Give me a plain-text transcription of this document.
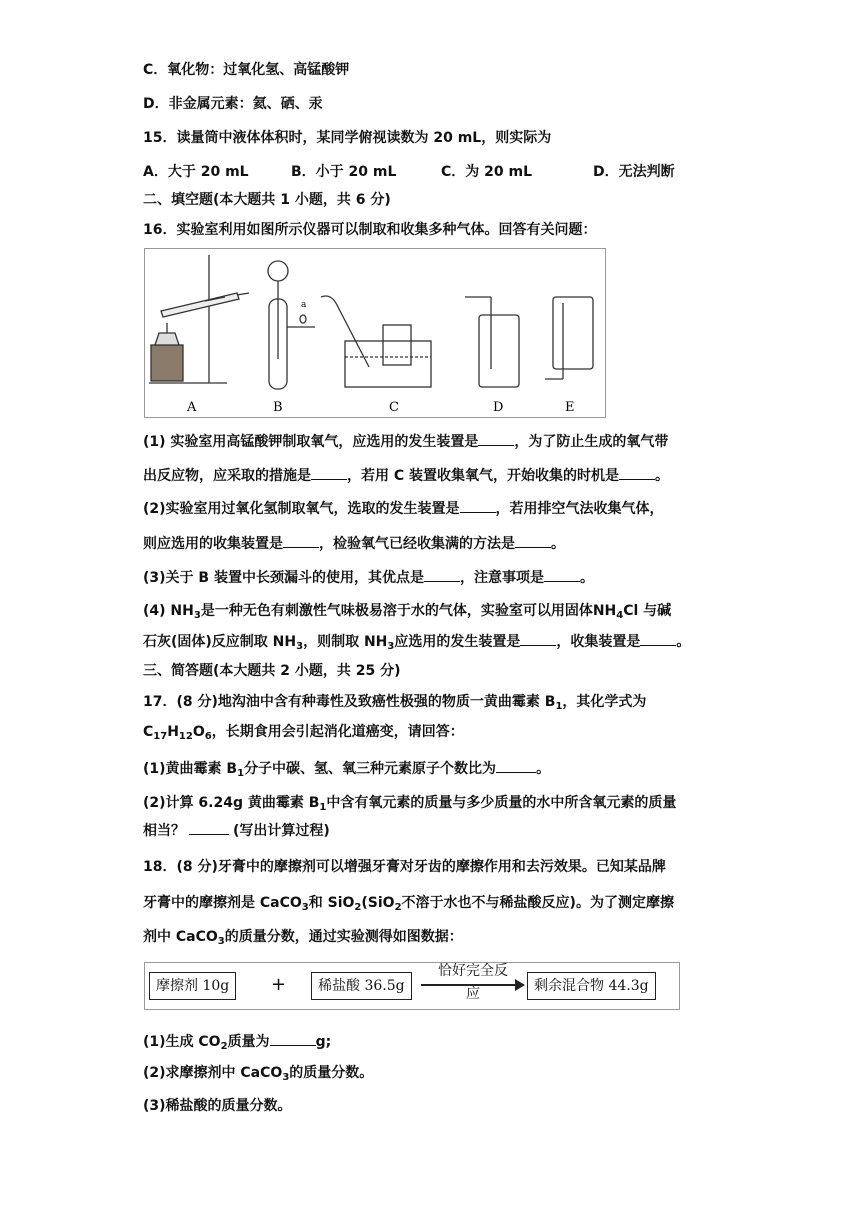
C．氧化物：过氧化氢、高锰酸钾
D．非金属元素：氦、硒、汞
15．读量筒中液体体积时，某同学俯视读数为 20 mL，则实际为
A．大于 20 mL	B．小于 20 mL	C．为 20 mL	D．无法判断
二、填空题(本大题共 1 小题，共 6 分)
16．实验室利用如图所示仪器可以制取和收集多种气体。回答有关问题：
a
A	B	C	D	E
(1) 实验室用高锰酸钾制取氧气，应选用的发生装置是	，为了防止生成的氧气带
出反应物，应采取的措施是	，若用 C 装置收集氧气，开始收集的时机是	。
(2)实验室用过氧化氢制取氧气，选取的发生装置是	，若用排空气法收集气体，
则应选用的收集装置是	，检验氧气已经收集满的方法是	。
(3)关于 B 装置中长颈漏斗的使用，其优点是	，注意事项是	。
(4) $NH_3$是一种无色有刺激性气味极易溶于水的气体，实验室可以用固体$NH_4Cl$ 与碱
石灰(固体)反应制取 $NH_3$，则制取 $NH_3$应选用的发生装置是	，收集装置是	。
三、简答题(本大题共 2 小题，共 25 分)
17．(8 分)地沟油中含有种毒性及致癌性极强的物质一黄曲霉素 $B_1$，其化学式为
$C_{17}H_{12}O_6$，长期食用会引起消化道癌变，请回答：
(1)黄曲霉素 $B_1$分子中碳、氢、氧三种元素原子个数比为	。
(2)计算 6.24g 黄曲霉素 $B_1$中含有氧元素的质量与多少质量的水中所含氧元素的质量
相当？	(写出计算过程)
18．(8 分)牙膏中的摩擦剂可以增强牙膏对牙齿的摩擦作用和去污效果。已知某品牌
牙膏中的摩擦剂是 CaCO$_3$和 SiO$_2$(SiO$_2$不溶于水也不与稀盐酸反应)。为了测定摩擦
剂中 CaCO$_3$的质量分数，通过实验测得如图数据：
摩擦剂 10g	+	稀盐酸 36.5g
恰好完全反
应	剩余混合物 44.3g
(1)生成 $CO_2$质量为	g;
(2)求摩擦剂中 CaCO$_3$的质量分数。
(3)稀盐酸的质量分数。
